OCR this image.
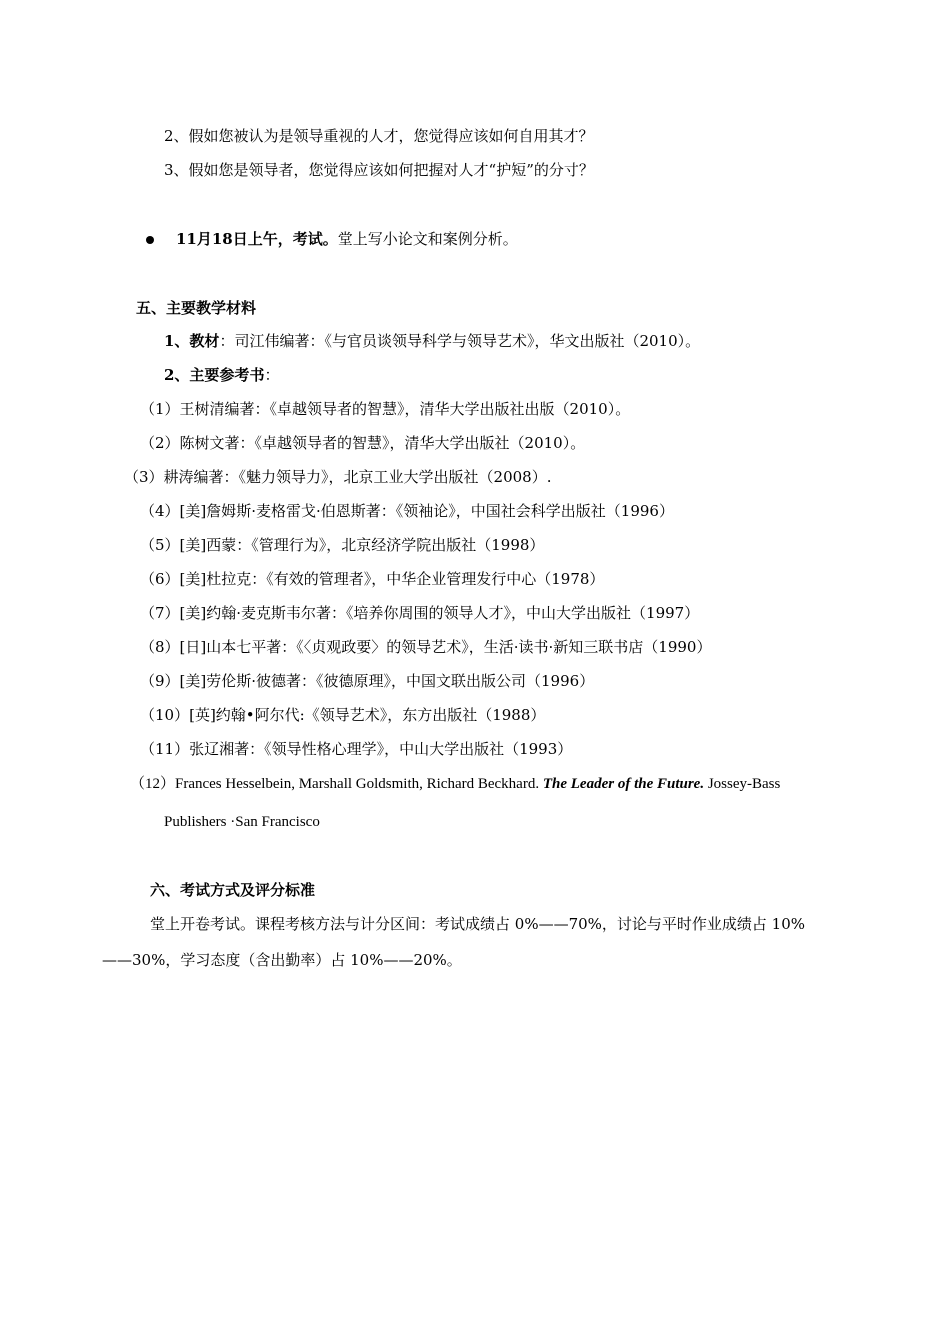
2、假如您被认为是领导重视的人才，您觉得应该如何自用其才？
3、假如您是领导者，您觉得应该如何把握对人才“护短”的分寸？
11月18日上午，考试。堂上写小论文和案例分析。
五、主要教学材料
1、教材：司江伟编著：《与官员谈领导科学与领导艺术》，华文出版社（2010）。
2、主要参考书：
（1）王树清编著：《卓越领导者的智慧》，清华大学出版社出版（2010）。
（2）陈树文著：《卓越领导者的智慧》，清华大学出版社（2010）。
（3）耕涛编著：《魅力领导力》，北京工业大学出版社（2008）.
（4）[美]詹姆斯·麦格雷戈·伯恩斯著：《领袖论》，中国社会科学出版社（1996）
（5）[美]西蒙：《管理行为》，北京经济学院出版社（1998）
（6）[美]杜拉克：《有效的管理者》，中华企业管理发行中心（1978）
（7）[美]约翰·麦克斯韦尔著：《培养你周围的领导人才》，中山大学出版社（1997）
（8）[日]山本七平著：《〈贞观政要〉的领导艺术》，生活·读书·新知三联书店（1990）
（9）[美]劳伦斯·彼德著：《彼德原理》，中国文联出版公司（1996）
（10）[英]约翰•阿尔代:《领导艺术》，东方出版社（1988）
（11）张辽湘著：《领导性格心理学》，中山大学出版社（1993）
（12）Frances Hesselbein, Marshall Goldsmith, Richard Beckhard. The Leader of the Future. Jossey-Bass
Publishers ·San Francisco
六、考试方式及评分标准
堂上开卷考试。课程考核方法与计分区间：考试成绩占 0%——70%，讨论与平时作业成绩占 10%
——30%，学习态度（含出勤率）占 10%——20%。
